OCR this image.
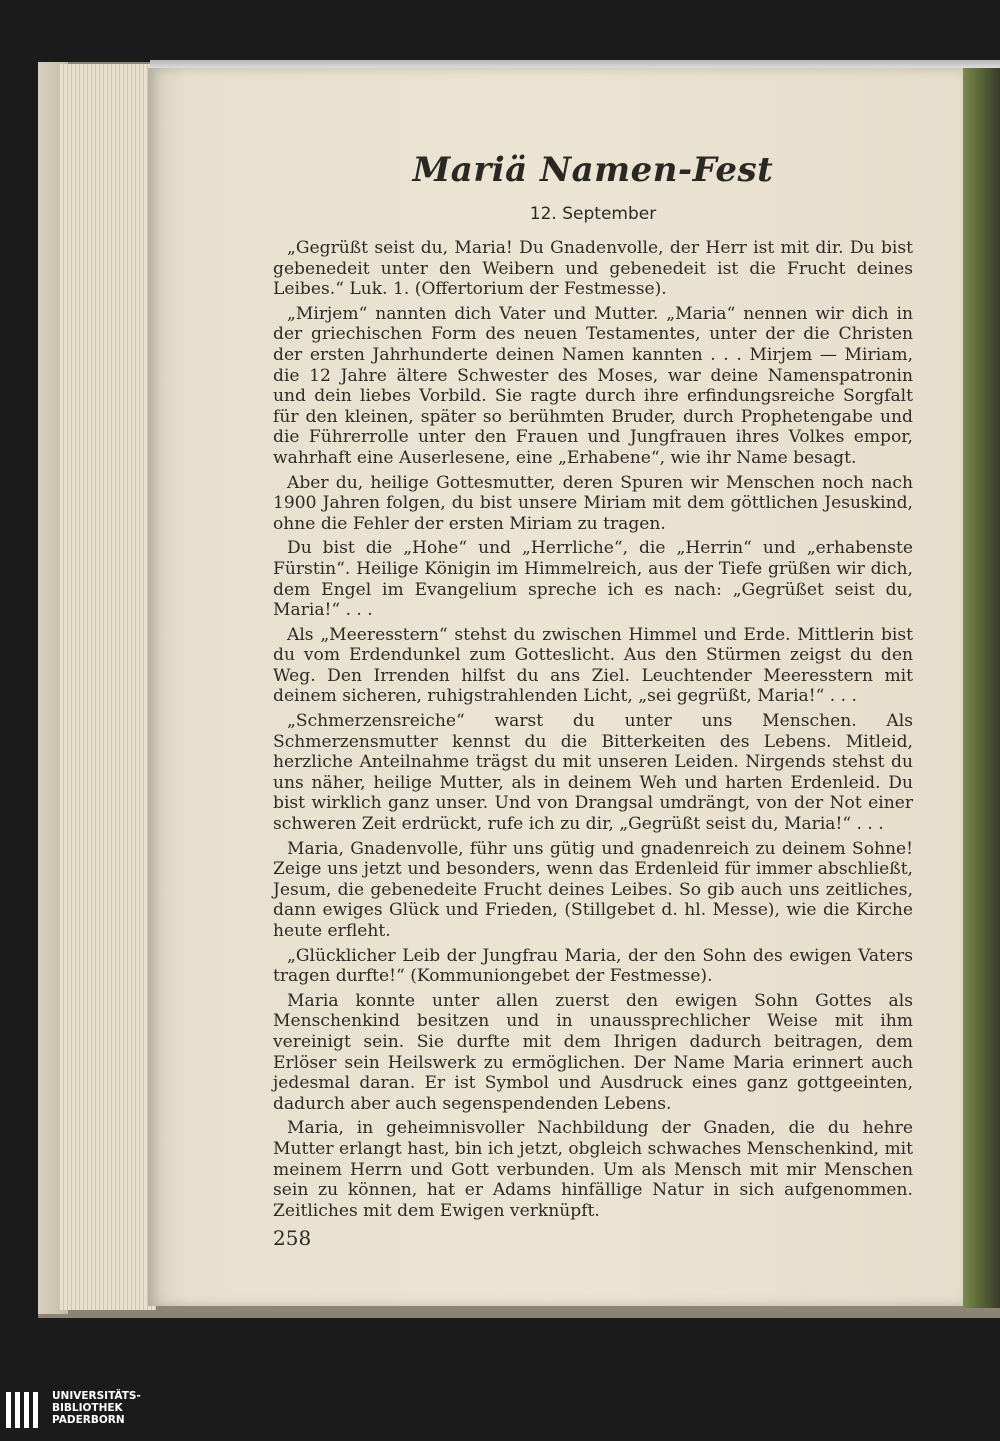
Mariä Namen-Fest
12. September

„Gegrüßt seist du, Maria! Du Gnadenvolle, der Herr ist mit dir. Du bist gebenedeit unter den Weibern und gebenedeit ist die Frucht deines Leibes.“ Luk. 1. (Offertorium der Festmesse).

„Mirjem“ nannten dich Vater und Mutter. „Maria“ nennen wir dich in der griechischen Form des neuen Testamentes, unter der die Christen der ersten Jahrhunderte deinen Namen kannten . . . Mirjem — Miriam, die 12 Jahre ältere Schwester des Moses, war deine Namenspatronin und dein liebes Vorbild. Sie ragte durch ihre erfindungsreiche Sorgfalt für den kleinen, später so berühmten Bruder, durch Prophetengabe und die Führerrolle unter den Frauen und Jungfrauen ihres Volkes empor, wahrhaft eine Auserlesene, eine „Erhabene“, wie ihr Name besagt.

Aber du, heilige Gottesmutter, deren Spuren wir Menschen noch nach 1900 Jahren folgen, du bist unsere Miriam mit dem göttlichen Jesuskind, ohne die Fehler der ersten Miriam zu tragen.

Du bist die „Hohe“ und „Herrliche“, die „Herrin“ und „erhabenste Fürstin“. Heilige Königin im Himmelreich, aus der Tiefe grüßen wir dich, dem Engel im Evangelium spreche ich es nach: „Gegrüßet seist du, Maria!“ . . .

Als „Meeresstern“ stehst du zwischen Himmel und Erde. Mittlerin bist du vom Erdendunkel zum Gotteslicht. Aus den Stürmen zeigst du den Weg. Den Irrenden hilfst du ans Ziel. Leuchtender Meeresstern mit deinem sicheren, ruhigstrahlenden Licht, „sei gegrüßt, Maria!“ . . .

„Schmerzensreiche“ warst du unter uns Menschen. Als Schmerzensmutter kennst du die Bitterkeiten des Lebens. Mitleid, herzliche Anteilnahme trägst du mit unseren Leiden. Nirgends stehst du uns näher, heilige Mutter, als in deinem Weh und harten Erdenleid. Du bist wirklich ganz unser. Und von Drangsal umdrängt, von der Not einer schweren Zeit erdrückt, rufe ich zu dir, „Gegrüßt seist du, Maria!“ . . .

Maria, Gnadenvolle, führ uns gütig und gnadenreich zu deinem Sohne! Zeige uns jetzt und besonders, wenn das Erdenleid für immer abschließt, Jesum, die gebenedeite Frucht deines Leibes. So gib auch uns zeitliches, dann ewiges Glück und Frieden, (Stillgebet d. hl. Messe), wie die Kirche heute erfleht.

„Glücklicher Leib der Jungfrau Maria, der den Sohn des ewigen Vaters tragen durfte!“ (Kommuniongebet der Festmesse).

Maria konnte unter allen zuerst den ewigen Sohn Gottes als Menschenkind besitzen und in unaussprechlicher Weise mit ihm vereinigt sein. Sie durfte mit dem Ihrigen dadurch beitragen, dem Erlöser sein Heilswerk zu ermöglichen. Der Name Maria erinnert auch jedesmal daran. Er ist Symbol und Ausdruck eines ganz gottgeeinten, dadurch aber auch segenspendenden Lebens.

Maria, in geheimnisvoller Nachbildung der Gnaden, die du hehre Mutter erlangt hast, bin ich jetzt, obgleich schwaches Menschenkind, mit meinem Herrn und Gott verbunden. Um als Mensch mit mir Menschen sein zu können, hat er Adams hinfällige Natur in sich aufgenommen. Zeitliches mit dem Ewigen verknüpft.

258
UNIVERSITÄTS-
BIBLIOTHEK
PADERBORN
